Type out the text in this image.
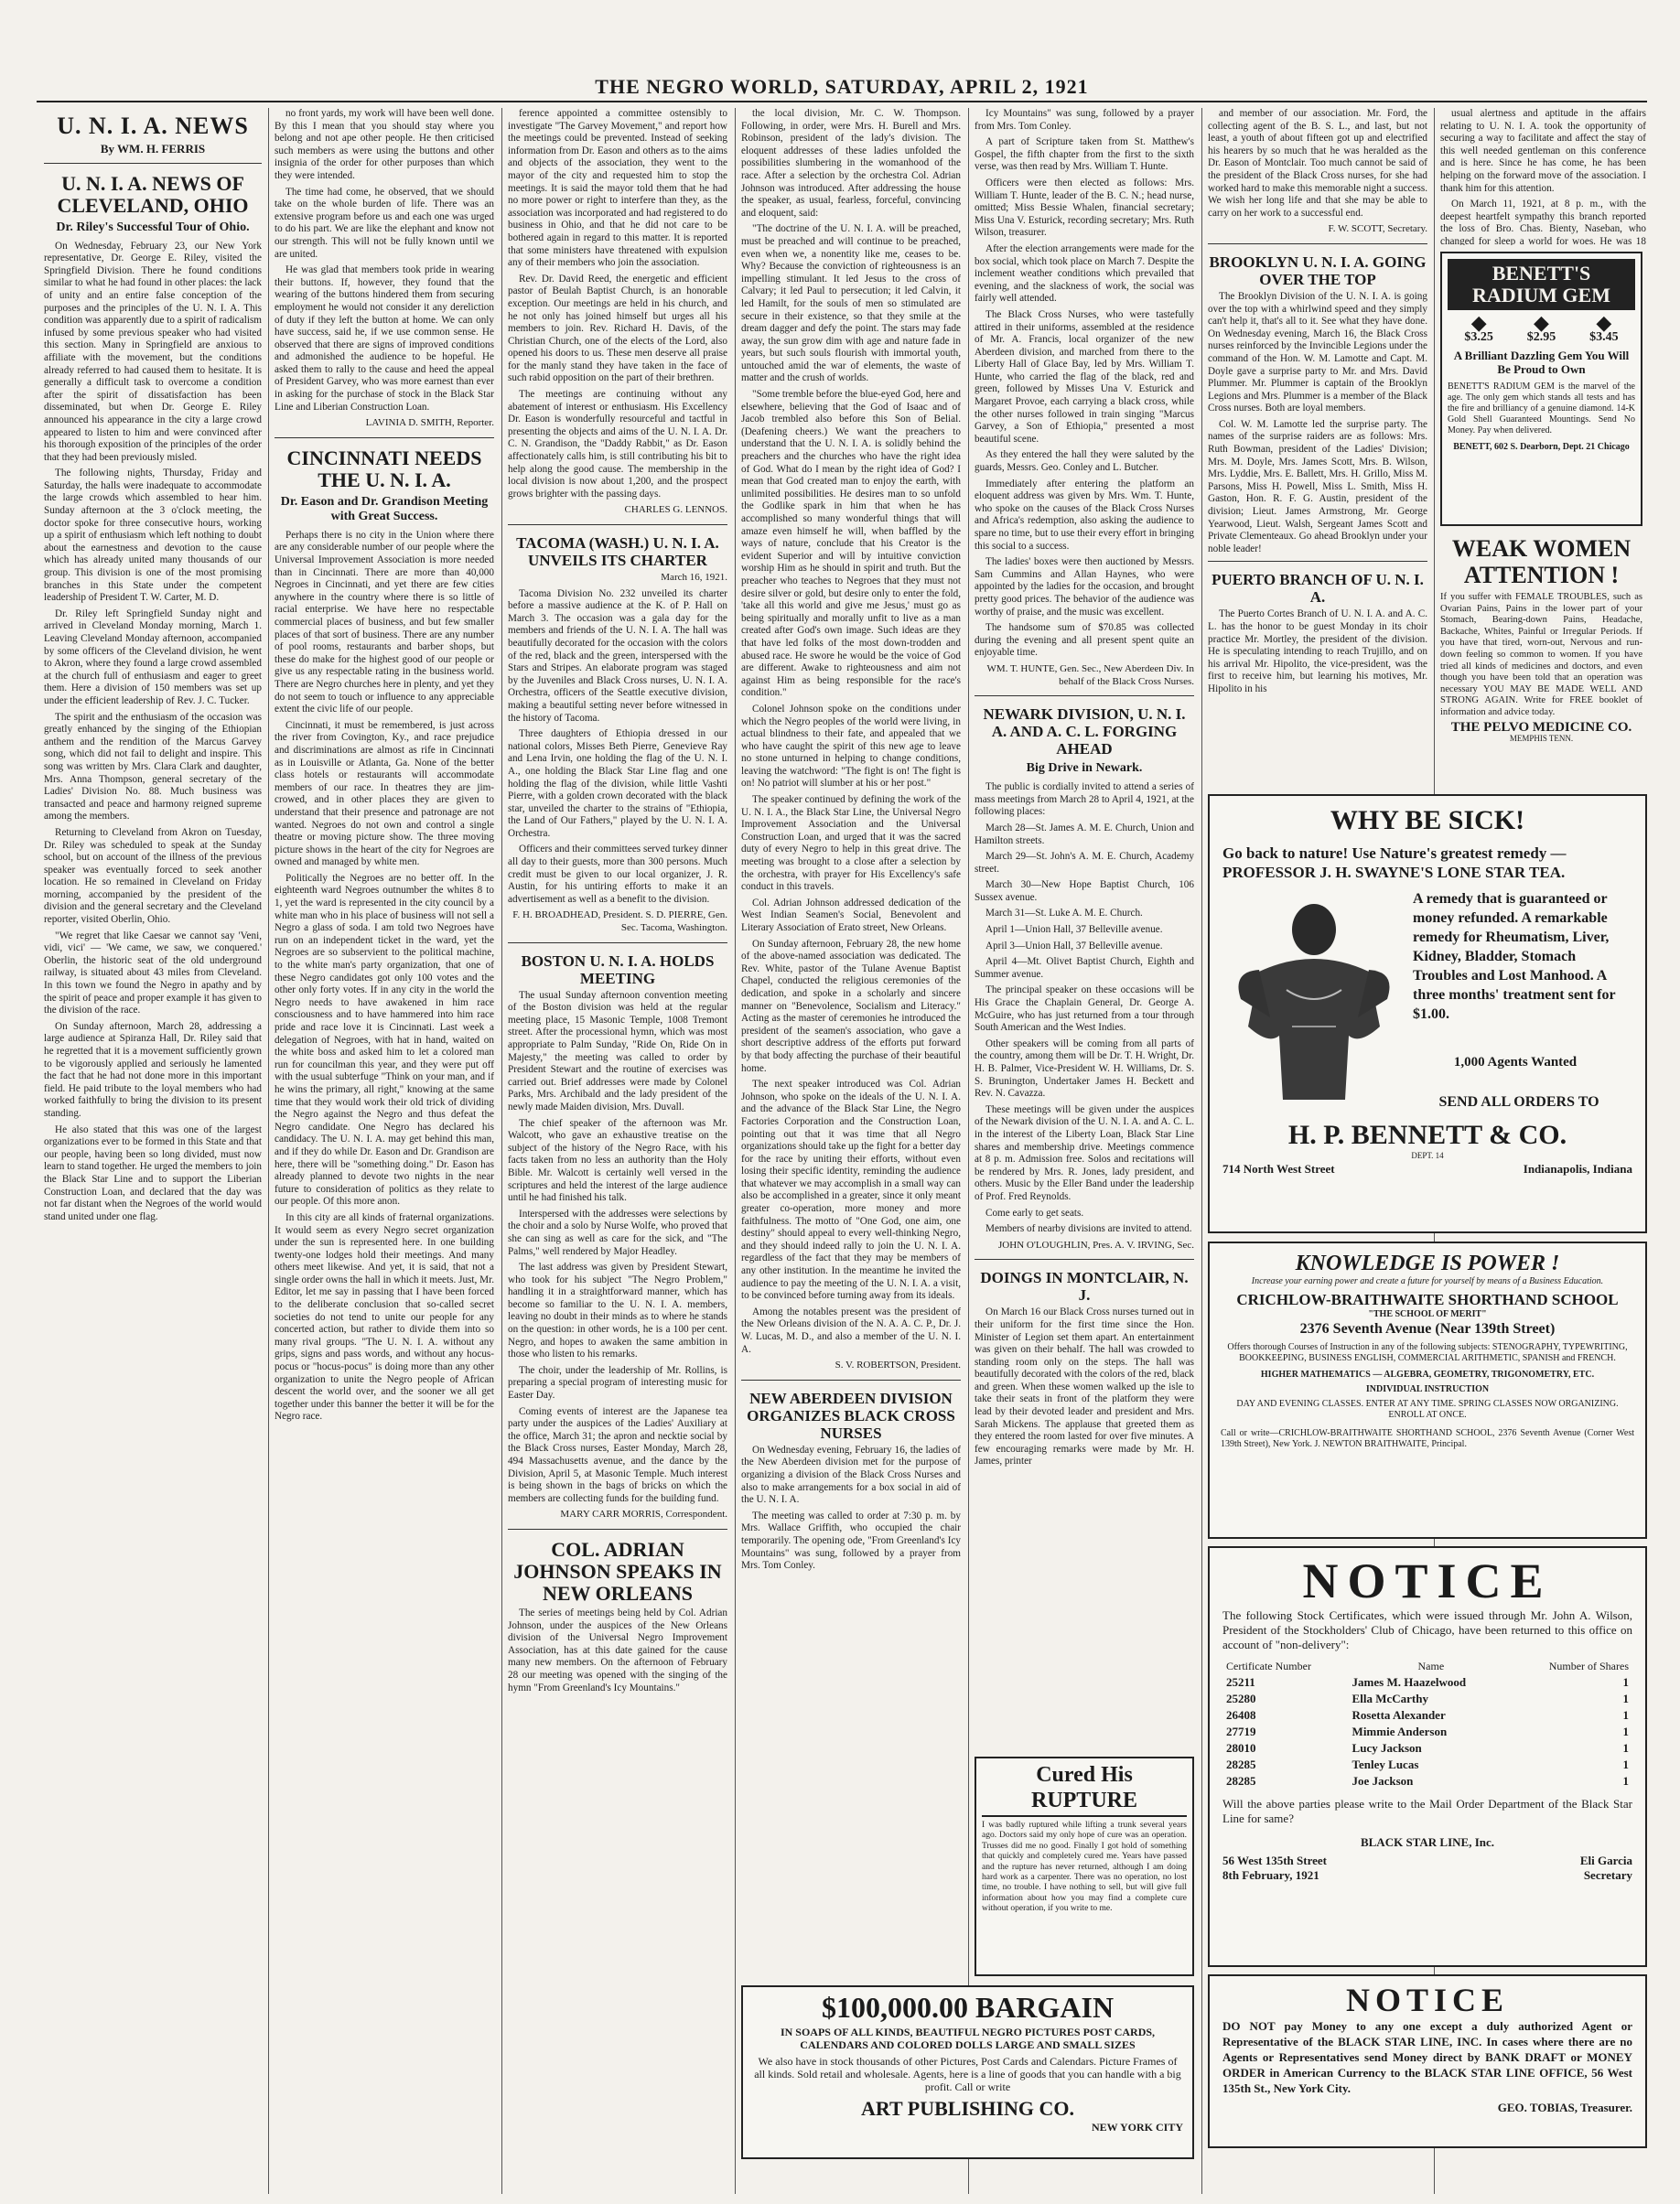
THE NEGRO WORLD, SATURDAY, APRIL 2, 1921
U. N. I. A. NEWS
By WM. H. FERRIS
U. N. I. A. NEWS OF CLEVELAND, OHIO
Dr. Riley's Successful Tour of Ohio.

On Wednesday, February 23, our New York representative, Dr. George E. Riley, visited the Springfield Division. There he found conditions similar to what he had found in other places: the lack of unity and an entire false conception of the purposes and the principles of the U. N. I. A. This condition was apparently due to a spirit of radicalism infused by some previous speaker who had visited this section. Many in Springfield are anxious to affiliate with the movement, but the conditions already referred to had caused them to hesitate. It is generally a difficult task to overcome a condition after the spirit of dissatisfaction has been disseminated, but when Dr. George E. Riley announced his appearance in the city a large crowd appeared to listen to him and were convinced after his thorough exposition of the principles of the order that they had been previously misled.

The following nights, Thursday, Friday and Saturday, the halls were inadequate to accommodate the large crowds which assembled to hear him. Sunday afternoon at the 3 o'clock meeting, the doctor spoke for three consecutive hours, working up a spirit of enthusiasm which left nothing to doubt about the earnestness and devotion to the cause which has already united many thousands of our group. This division is one of the most promising branches in this State under the competent leadership of President T. W. Carter, M. D.

Dr. Riley left Springfield Sunday night and arrived in Cleveland Monday morning, March 1. Leaving Cleveland Monday afternoon, accompanied by some officers of the Cleveland division, he went to Akron, where they found a large crowd assembled at the church full of enthusiasm and eager to greet them. Here a division of 150 members was set up under the efficient leadership of Rev. J. C. Tucker.

The spirit and the enthusiasm of the occasion was greatly enhanced by the singing of the Ethiopian anthem and the rendition of the Marcus Garvey song, which did not fail to delight and inspire. This song was written by Mrs. Clara Clark and daughter, Mrs. Anna Thompson, general secretary of the Ladies' Division No. 88. Much business was transacted and peace and harmony reigned supreme among the members.

Returning to Cleveland from Akron on Tuesday, Dr. Riley was scheduled to speak at the Sunday school, but on account of the illness of the previous speaker was eventually forced to seek another location. He so remained in Cleveland on Friday morning, accompanied by the president of the division and the general secretary and the Cleveland reporter, visited Oberlin, Ohio.

"We regret that like Caesar we cannot say 'Veni, vidi, vici' — 'We came, we saw, we conquered.' Oberlin, the historic seat of the old underground railway, is situated about 43 miles from Cleveland. In this town we found the Negro in apathy and by the spirit of peace and proper example it has given to the division of the race.

On Sunday afternoon, March 28, addressing a large audience at Spiranza Hall, Dr. Riley said that he regretted that it is a movement sufficiently grown to be vigorously applied and seriously he lamented the fact that he had not done more in this important field. He paid tribute to the loyal members who had worked faithfully to bring the division to its present standing.

He also stated that this was one of the largest organizations ever to be formed in this State and that our people, having been so long divided, must now learn to stand together. He urged the members to join the Black Star Line and to support the Liberian Construction Loan, and declared that the day was not far distant when the Negroes of the world would stand united under one flag.

no front yards, my work will have been well done. By this I mean that you should stay where you belong and not ape other people. He then criticised such members as were using the buttons and other insignia of the order for other purposes than which they were intended.

The time had come, he observed, that we should take on the whole burden of life. There was an extensive program before us and each one was urged to do his part. We are like the elephant and know not our strength. This will not be fully known until we are united.

He was glad that members took pride in wearing their buttons. If, however, they found that the wearing of the buttons hindered them from securing employment he would not consider it any dereliction of duty if they left the button at home. We can only have success, said he, if we use common sense. He observed that there are signs of improved conditions and admonished the audience to be hopeful. He asked them to rally to the cause and heed the appeal of President Garvey, who was more earnest than ever in asking for the purchase of stock in the Black Star Line and Liberian Construction Loan.

LAVINIA D. SMITH, Reporter.
CINCINNATI NEEDS THE U. N. I. A.
Dr. Eason and Dr. Grandison Meeting with Great Success.

Perhaps there is no city in the Union where there are any considerable number of our people where the Universal Improvement Association is more needed than in Cincinnati. There are more than 40,000 Negroes in Cincinnati, and yet there are few cities anywhere in the country where there is so little of racial enterprise. We have here no respectable commercial places of business, and but few smaller places of that sort of business. There are any number of pool rooms, restaurants and barber shops, but these do make for the highest good of our people or give us any respectable rating in the business world. There are Negro churches here in plenty, and yet they do not seem to touch or influence to any appreciable extent the civic life of our people.

Cincinnati, it must be remembered, is just across the river from Covington, Ky., and race prejudice and discriminations are almost as rife in Cincinnati as in Louisville or Atlanta, Ga. None of the better class hotels or restaurants will accommodate members of our race. In theatres they are jim-crowed, and in other places they are given to understand that their presence and patronage are not wanted. Negroes do not own and control a single theatre or moving picture show. The three moving picture shows in the heart of the city for Negroes are owned and managed by white men.

Politically the Negroes are no better off. In the eighteenth ward Negroes outnumber the whites 8 to 1, yet the ward is represented in the city council by a white man who in his place of business will not sell a Negro a glass of soda. I am told two Negroes have run on an independent ticket in the ward, yet the Negroes are so subservient to the political machine, to the white man's party organization, that one of these Negro candidates got only 100 votes and the other only forty votes. If in any city in the world the Negro needs to have awakened in him race consciousness and to have hammered into him race pride and race love it is Cincinnati. Last week a delegation of Negroes, with hat in hand, waited on the white boss and asked him to let a colored man run for councilman this year, and they were put off with the usual subterfuge "Think on your man, and if he wins the primary, all right," knowing at the same time that they would work their old trick of dividing the Negro against the Negro and thus defeat the Negro candidate. One Negro has declared his candidacy. The U. N. I. A. may get behind this man, and if they do while Dr. Eason and Dr. Grandison are here, there will be "something doing." Dr. Eason has already planned to devote two nights in the near future to consideration of politics as they relate to our people. Of this more anon.

In this city are all kinds of fraternal organizations. It would seem as every Negro secret organization under the sun is represented here. In one building twenty-one lodges hold their meetings. And many others meet likewise. And yet, it is said, that not a single order owns the hall in which it meets. Just, Mr. Editor, let me say in passing that I have been forced to the deliberate conclusion that so-called secret societies do not tend to unite our people for any concerted action, but rather to divide them into so many rival groups. "The U. N. I. A. without any grips, signs and pass words, and without any hocus-pocus or "hocus-pocus" is doing more than any other organization to unite the Negro people of African descent the world over, and the sooner we all get together under this banner the better it will be for the Negro race.

ference appointed a committee ostensibly to investigate "The Garvey Movement," and report how the meetings could be prevented. Instead of seeking information from Dr. Eason and others as to the aims and objects of the association, they went to the mayor of the city and requested him to stop the meetings. It is said the mayor told them that he had no more power or right to interfere than they, as the association was incorporated and had registered to do business in Ohio, and that he did not care to be bothered again in regard to this matter. It is reported that some ministers have threatened with expulsion any of their members who join the association.

Rev. Dr. David Reed, the energetic and efficient pastor of Beulah Baptist Church, is an honorable exception. Our meetings are held in his church, and he not only has joined himself but urges all his members to join. Rev. Richard H. Davis, of the Christian Church, one of the elects of the Lord, also opened his doors to us. These men deserve all praise for the manly stand they have taken in the face of such rabid opposition on the part of their brethren.

The meetings are continuing without any abatement of interest or enthusiasm. His Excellency Dr. Eason is wonderfully resourceful and tactful in presenting the objects and aims of the U. N. I. A. Dr. C. N. Grandison, the "Daddy Rabbit," as Dr. Eason affectionately calls him, is still contributing his bit to help along the good cause. The membership in the local division is now about 1,200, and the prospect grows brighter with the passing days.

CHARLES G. LENNOS.
TACOMA (WASH.) U. N. I. A. UNVEILS ITS CHARTER
March 16, 1921.

Tacoma Division No. 232 unveiled its charter before a massive audience at the K. of P. Hall on March 3. The occasion was a gala day for the members and friends of the U. N. I. A. The hall was beautifully decorated for the occasion with the colors of the red, black and the green, interspersed with the Stars and Stripes. An elaborate program was staged by the Juveniles and Black Cross nurses, U. N. I. A. Orchestra, officers of the Seattle executive division, making a beautiful setting never before witnessed in the history of Tacoma.

Three daughters of Ethiopia dressed in our national colors, Misses Beth Pierre, Genevieve Ray and Lena Irvin, one holding the flag of the U. N. I. A., one holding the Black Star Line flag and one holding the flag of the division, while little Vashti Pierre, with a golden crown decorated with the black star, unveiled the charter to the strains of "Ethiopia, the Land of Our Fathers," played by the U. N. I. A. Orchestra.

Officers and their committees served turkey dinner all day to their guests, more than 300 persons. Much credit must be given to our local organizer, J. R. Austin, for his untiring efforts to make it an advertisement as well as a benefit to the division.

F. H. BROADHEAD, President. S. D. PIERRE, Gen. Sec. Tacoma, Washington.
BOSTON U. N. I. A. HOLDS MEETING

The usual Sunday afternoon convention meeting of the Boston division was held at the regular meeting place, 15 Masonic Temple, 1008 Tremont street. After the processional hymn, which was most appropriate to Palm Sunday, "Ride On, Ride On in Majesty," the meeting was called to order by President Stewart and the routine of exercises was carried out. Brief addresses were made by Colonel Parks, Mrs. Archibald and the lady president of the newly made Maiden division, Mrs. Duvall.

The chief speaker of the afternoon was Mr. Walcott, who gave an exhaustive treatise on the subject of the history of the Negro Race, with his facts taken from no less an authority than the Holy Bible. Mr. Walcott is certainly well versed in the scriptures and held the interest of the large audience until he had finished his talk.

Interspersed with the addresses were selections by the choir and a solo by Nurse Wolfe, who proved that she can sing as well as care for the sick, and "The Palms," well rendered by Major Headley.

The last address was given by President Stewart, who took for his subject "The Negro Problem," handling it in a straightforward manner, which has become so familiar to the U. N. I. A. members, leaving no doubt in their minds as to where he stands on the question: in other words, he is a 100 per cent. Negro, and hopes to awaken the same ambition in those who listen to his remarks.

The choir, under the leadership of Mr. Rollins, is preparing a special program of interesting music for Easter Day.

Coming events of interest are the Japanese tea party under the auspices of the Ladies' Auxiliary at the office, March 31; the apron and necktie social by the Black Cross nurses, Easter Monday, March 28, 494 Massachusetts avenue, and the dance by the Division, April 5, at Masonic Temple. Much interest is being shown in the bags of bricks on which the members are collecting funds for the building fund.

MARY CARR MORRIS, Correspondent.
COL. ADRIAN JOHNSON SPEAKS IN NEW ORLEANS

The series of meetings being held by Col. Adrian Johnson, under the auspices of the New Orleans division of the Universal Negro Improvement Association, has at this date gained for the cause many new members. On the afternoon of February 28 our meeting was opened with the singing of the hymn "From Greenland's Icy Mountains."

the local division, Mr. C. W. Thompson. Following, in order, were Mrs. H. Burell and Mrs. Robinson, president of the lady's division. The eloquent addresses of these ladies unfolded the possibilities slumbering in the womanhood of the race. After a selection by the orchestra Col. Adrian Johnson was introduced. After addressing the house the speaker, as usual, fearless, forceful, convincing and eloquent, said:

"The doctrine of the U. N. I. A. will be preached, must be preached and will continue to be preached, even when we, a nonentity like me, ceases to be. Why? Because the conviction of righteousness is an impelling stimulant. It led Jesus to the cross of Calvary; it led Paul to persecution; it led Calvin, it led Hamilt, for the souls of men so stimulated are secure in their existence, so that they smile at the dream dagger and defy the point. The stars may fade away, the sun grow dim with age and nature fade in years, but such souls flourish with immortal youth, untouched amid the war of elements, the waste of matter and the crush of worlds.

"Some tremble before the blue-eyed God, here and elsewhere, believing that the God of Isaac and of Jacob trembled also before this Son of Belial. (Deafening cheers.) We want the preachers to understand that the U. N. I. A. is solidly behind the preachers and the churches who have the right idea of God. What do I mean by the right idea of God? I mean that God created man to enjoy the earth, with unlimited possibilities. He desires man to so unfold the Godlike spark in him that when he has accomplished so many wonderful things that will amaze even himself he will, when baffled by the ways of nature, conclude that his Creator is the evident Superior and will by intuitive conviction worship Him as he should in spirit and truth. But the preacher who teaches to Negroes that they must not desire silver or gold, but desire only to enter the fold, 'take all this world and give me Jesus,' must go as being spiritually and morally unfit to live as a man created after God's own image. Such ideas are they that have led folks of the most down-trodden and abused race. He swore he would be the voice of God are different. Awake to righteousness and aim not against Him as being responsible for the race's condition."

Colonel Johnson spoke on the conditions under which the Negro peoples of the world were living, in actual blindness to their fate, and appealed that we who have caught the spirit of this new age to leave no stone unturned in helping to change conditions, leaving the watchword: "The fight is on! The fight is on! No patriot will slumber at his or her post."

The speaker continued by defining the work of the U. N. I. A., the Black Star Line, the Universal Negro Improvement Association and the Universal Construction Loan, and urged that it was the sacred duty of every Negro to help in this great drive. The meeting was brought to a close after a selection by the orchestra, with prayer for His Excellency's safe conduct in this travels.

Col. Adrian Johnson addressed dedication of the West Indian Seamen's Social, Benevolent and Literary Association of Erato street, New Orleans.

On Sunday afternoon, February 28, the new home of the above-named association was dedicated. The Rev. White, pastor of the Tulane Avenue Baptist Chapel, conducted the religious ceremonies of the dedication, and spoke in a scholarly and sincere manner on "Benevolence, Socialism and Literacy." Acting as the master of ceremonies he introduced the president of the seamen's association, who gave a short descriptive address of the efforts put forward by that body affecting the purchase of their beautiful home.

The next speaker introduced was Col. Adrian Johnson, who spoke on the ideals of the U. N. I. A. and the advance of the Black Star Line, the Negro Factories Corporation and the Construction Loan, pointing out that it was time that all Negro organizations should take up the fight for a better day for the race by uniting their efforts, without even losing their specific identity, reminding the audience that whatever we may accomplish in a small way can also be accomplished in a greater, since it only meant greater co-operation, more money and more faithfulness. The motto of "One God, one aim, one destiny" should appeal to every well-thinking Negro, and they should indeed rally to join the U. N. I. A. regardless of the fact that they may be members of any other institution. In the meantime he invited the audience to pay the meeting of the U. N. I. A. a visit, to be convinced before turning away from its ideals.

Among the notables present was the president of the New Orleans division of the N. A. A. C. P., Dr. J. W. Lucas, M. D., and also a member of the U. N. I. A.

S. V. ROBERTSON, President.
NEW ABERDEEN DIVISION ORGANIZES BLACK CROSS NURSES

On Wednesday evening, February 16, the ladies of the New Aberdeen division met for the purpose of organizing a division of the Black Cross Nurses and also to make arrangements for a box social in aid of the U. N. I. A.

The meeting was called to order at 7:30 p. m. by Mrs. Wallace Griffith, who occupied the chair temporarily. The opening ode, "From Greenland's Icy Mountains" was sung, followed by a prayer from Mrs. Tom Conley.

Icy Mountains" was sung, followed by a prayer from Mrs. Tom Conley.

A part of Scripture taken from St. Matthew's Gospel, the fifth chapter from the first to the sixth verse, was then read by Mrs. William T. Hunte.

Officers were then elected as follows: Mrs. William T. Hunte, leader of the B. C. N.; head nurse, omitted; Miss Bessie Whalen, financial secretary; Miss Una V. Esturick, recording secretary; Mrs. Ruth Wilson, treasurer.

After the election arrangements were made for the box social, which took place on March 7. Despite the inclement weather conditions which prevailed that evening, and the slackness of work, the social was fairly well attended.

The Black Cross Nurses, who were tastefully attired in their uniforms, assembled at the residence of Mr. A. Francis, local organizer of the new Aberdeen division, and marched from there to the Liberty Hall of Glace Bay, led by Mrs. William T. Hunte, who carried the flag of the black, red and green, followed by Misses Una V. Esturick and Margaret Provoe, each carrying a black cross, while the other nurses followed in train singing "Marcus Garvey, a Son of Ethiopia," presented a most beautiful scene.

As they entered the hall they were saluted by the guards, Messrs. Geo. Conley and L. Butcher.

Immediately after entering the platform an eloquent address was given by Mrs. Wm. T. Hunte, who spoke on the causes of the Black Cross Nurses and Africa's redemption, also asking the audience to spare no time, but to use their every effort in bringing this social to a success.

The ladies' boxes were then auctioned by Messrs. Sam Cummins and Allan Haynes, who were appointed by the ladies for the occasion, and brought pretty good prices. The behavior of the audience was worthy of praise, and the music was excellent.

The handsome sum of $70.85 was collected during the evening and all present spent quite an enjoyable time.

WM. T. HUNTE, Gen. Sec., New Aberdeen Div. In behalf of the Black Cross Nurses.
NEWARK DIVISION, U. N. I. A. AND A. C. L. FORGING AHEAD
Big Drive in Newark.

The public is cordially invited to attend a series of mass meetings from March 28 to April 4, 1921, at the following places:

March 28—St. James A. M. E. Church, Union and Hamilton streets.

March 29—St. John's A. M. E. Church, Academy street.

March 30—New Hope Baptist Church, 106 Sussex avenue.

March 31—St. Luke A. M. E. Church.

April 1—Union Hall, 37 Belleville avenue.

April 3—Union Hall, 37 Belleville avenue.

April 4—Mt. Olivet Baptist Church, Eighth and Summer avenue.

The principal speaker on these occasions will be His Grace the Chaplain General, Dr. George A. McGuire, who has just returned from a tour through South American and the West Indies.

Other speakers will be coming from all parts of the country, among them will be Dr. T. H. Wright, Dr. H. B. Palmer, Vice-President W. H. Williams, Dr. S. S. Brunington, Undertaker James H. Beckett and Rev. N. Cavazza.

These meetings will be given under the auspices of the Newark division of the U. N. I. A. and A. C. L. in the interest of the Liberty Loan, Black Star Line shares and membership drive. Meetings commence at 8 p. m. Admission free. Solos and recitations will be rendered by Mrs. R. Jones, lady president, and others. Music by the Eller Band under the leadership of Prof. Fred Reynolds.

Come early to get seats.

Members of nearby divisions are invited to attend.

JOHN O'LOUGHLIN, Pres. A. V. IRVING, Sec.
DOINGS IN MONTCLAIR, N. J.

On March 16 our Black Cross nurses turned out in their uniform for the first time since the Hon. Minister of Legion set them apart. An entertainment was given on their behalf. The hall was crowded to standing room only on the steps. The hall was beautifully decorated with the colors of the red, black and green. When these women walked up the isle to take their seats in front of the platform they were lead by their devoted leader and president and Mrs. Sarah Mickens. The applause that greeted them as they entered the room lasted for over five minutes. A few encouraging remarks were made by Mr. H. James, printer

and member of our association. Mr. Ford, the collecting agent of the B. S. L., and last, but not least, a youth of about fifteen got up and electrified his hearers by so much that he was heralded as the Dr. Eason of Montclair. Too much cannot be said of the president of the Black Cross nurses, for she had worked hard to make this memorable night a success. We wish her long life and that she may be able to carry on her work to a successful end.

F. W. SCOTT, Secretary.
BROOKLYN U. N. I. A. GOING OVER THE TOP

The Brooklyn Division of the U. N. I. A. is going over the top with a whirlwind speed and they simply can't help it, that's all to it. See what they have done. On Wednesday evening, March 16, the Black Cross nurses reinforced by the Invincible Legions under the command of the Hon. W. M. Lamotte and Capt. M. Doyle gave a surprise party to Mr. and Mrs. David Plummer. Mr. Plummer is captain of the Brooklyn Legions and Mrs. Plummer is a member of the Black Cross nurses. Both are loyal members.

Col. W. M. Lamotte led the surprise party. The names of the surprise raiders are as follows: Mrs. Ruth Bowman, president of the Ladies' Division; Mrs. M. Doyle, Mrs. James Scott, Mrs. B. Wilson, Mrs. Lyddie, Mrs. E. Ballett, Mrs. H. Grillo, Miss M. Parsons, Miss H. Powell, Miss L. Smith, Miss H. Gaston, Hon. R. F. G. Austin, president of the division; Lieut. James Armstrong, Mr. George Yearwood, Lieut. Walsh, Sergeant James Scott and Private Clementeaux. Go ahead Brooklyn under your noble leader!

PUERTO BRANCH OF U. N. I. A.

The Puerto Cortes Branch of U. N. I. A. and A. C. L. has the honor to be guest Monday in its choir practice Mr. Mortley, the president of the division. He is speculating intending to reach Trujillo, and on his arrival Mr. Hipolito, the vice-president, was the first to receive him, but learning his motives, Mr. Hipolito in his

usual alertness and aptitude in the affairs relating to U. N. I. A. took the opportunity of securing a way to facilitate and affect the stay of this well needed gentleman on this conference and is here. Since he has come, he has been helping on the forward move of the association. I thank him for this attention.

On March 11, 1921, at 8 p. m., with the deepest heartfelt sympathy this branch reported the loss of Bro. Chas. Bienty, Naseban, who changed for sleep a world for woes. He was 18

BENETT'S RADIUM GEM
◆ ◆ ◆
$3.25	$2.95	$3.45
A Brilliant Dazzling Gem You Will Be Proud to Own
BENETT'S RADIUM GEM is the marvel of the age. The only gem which stands all tests and has the fire and brilliancy of a genuine diamond. 14-K Gold Shell Guaranteed Mountings. Send No Money. Pay when delivered.
BENETT, 602 S. Dearborn, Dept. 21 Chicago
WEAK WOMEN ATTENTION !
If you suffer with FEMALE TROUBLES, such as Ovarian Pains, Pains in the lower part of your Stomach, Bearing-down Pains, Headache, Backache, Whites, Painful or Irregular Periods. If you have that tired, worn-out, Nervous and run-down feeling so common to women. If you have tried all kinds of medicines and doctors, and even though you have been told that an operation was necessary YOU MAY BE MADE WELL AND STRONG AGAIN. Write for FREE booklet of information and advice today.
THE PELVO MEDICINE CO.
MEMPHIS TENN.
WHY BE SICK!
Go back to nature! Use Nature's greatest remedy — PROFESSOR J. H. SWAYNE'S LONE STAR TEA.
A remedy that is guaranteed or money refunded. A remarkable remedy for Rheumatism, Liver, Kidney, Bladder, Stomach Troubles and Lost Manhood. A three months' treatment sent for $1.00.
1,000 Agents Wanted
SEND ALL ORDERS TO
H. P. BENNETT & CO.
DEPT. 14
714 North West Street	Indianapolis, Indiana
KNOWLEDGE IS POWER !
Increase your earning power and create a future for yourself by means of a Business Education.
CRICHLOW-BRAITHWAITE SHORTHAND SCHOOL
"THE SCHOOL OF MERIT"
2376 Seventh Avenue (Near 139th Street)
Offers thorough Courses of Instruction in any of the following subjects: STENOGRAPHY, TYPEWRITING, BOOKKEEPING, BUSINESS ENGLISH, COMMERCIAL ARITHMETIC, SPANISH and FRENCH.
HIGHER MATHEMATICS — ALGEBRA, GEOMETRY, TRIGONOMETRY, ETC.
INDIVIDUAL INSTRUCTION
DAY AND EVENING CLASSES. ENTER AT ANY TIME. SPRING CLASSES NOW ORGANIZING. ENROLL AT ONCE.
Call or write—CRICHLOW-BRAITHWAITE SHORTHAND SCHOOL, 2376 Seventh Avenue (Corner West 139th Street), New York. J. NEWTON BRAITHWAITE, Principal.
NOTICE
The following Stock Certificates, which were issued through Mr. John A. Wilson, President of the Stockholders' Club of Chicago, have been returned to this office on account of "non-delivery":
Certificate Number	Name	Number of Shares
25211	James M. Haazelwood	1
25280	Ella McCarthy	1
26408	Rosetta Alexander	1
27719	Mimmie Anderson	1
28010	Lucy Jackson	1
28285	Tenley Lucas	1
28285	Joe Jackson	1
Will the above parties please write to the Mail Order Department of the Black Star Line for same?
BLACK STAR LINE, Inc.
56 West 135th Street	Eli Garcia
8th February, 1921	Secretary
NOTICE
DO NOT pay Money to any one except a duly authorized Agent or Representative of the BLACK STAR LINE, INC. In cases where there are no Agents or Representatives send Money direct by BANK DRAFT or MONEY ORDER in American Currency to the BLACK STAR LINE OFFICE, 56 West 135th St., New York City.
GEO. TOBIAS, Treasurer.
Cured His RUPTURE
I was badly ruptured while lifting a trunk several years ago. Doctors said my only hope of cure was an operation. Trusses did me no good. Finally I got hold of something that quickly and completely cured me. Years have passed and the rupture has never returned, although I am doing hard work as a carpenter. There was no operation, no lost time, no trouble. I have nothing to sell, but will give full information about how you may find a complete cure without operation, if you write to me.
$100,000.00 BARGAIN
IN SOAPS OF ALL KINDS, BEAUTIFUL NEGRO PICTURES POST CARDS, CALENDARS AND COLORED DOLLS LARGE AND SMALL SIZES
We also have in stock thousands of other Pictures, Post Cards and Calendars. Picture Frames of all kinds. Sold retail and wholesale. Agents, here is a line of goods that you can handle with a big profit. Call or write
ART PUBLISHING CO.
NEW YORK CITY
